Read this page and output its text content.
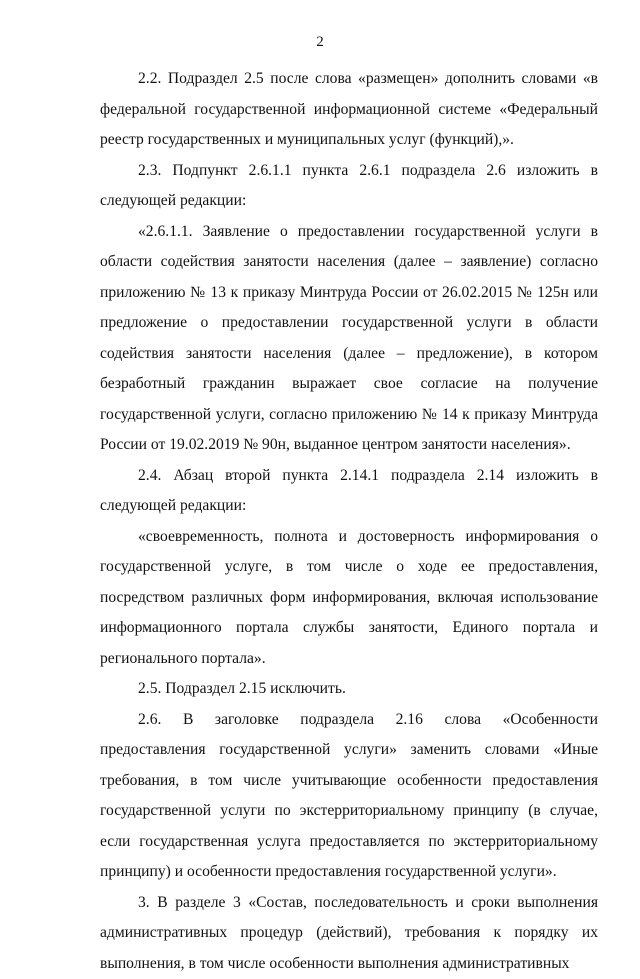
2

2.2. Подраздел 2.5 после слова «размещен» дополнить словами «в федеральной государственной информационной системе «Федеральный реестр государственных и муниципальных услуг (функций),».

2.3. Подпункт 2.6.1.1 пункта 2.6.1 подраздела 2.6 изложить в следующей редакции:

«2.6.1.1. Заявление о предоставлении государственной услуги в области содействия занятости населения (далее – заявление) согласно приложению № 13 к приказу Минтруда России от 26.02.2015 № 125н или предложение о предоставлении государственной услуги в области содействия занятости населения (далее – предложение), в котором безработный гражданин выражает свое согласие на получение государственной услуги, согласно приложению № 14 к приказу Минтруда России от 19.02.2019 № 90н, выданное центром занятости населения».

2.4. Абзац второй пункта 2.14.1 подраздела 2.14 изложить в следующей редакции:

«своевременность, полнота и достоверность информирования о государственной услуге, в том числе о ходе ее предоставления, посредством различных форм информирования, включая использование информационного портала службы занятости, Единого портала и регионального портала».

2.5. Подраздел 2.15 исключить.

2.6. В заголовке подраздела 2.16 слова «Особенности предоставления государственной услуги» заменить словами «Иные требования, в том числе учитывающие особенности предоставления государственной услуги по экстерриториальному принципу (в случае, если государственная услуга предоставляется по экстерриториальному принципу) и особенности предоставления государственной услуги».

3. В разделе 3 «Состав, последовательность и сроки выполнения административных процедур (действий), требования к порядку их выполнения, в том числе особенности выполнения административных
